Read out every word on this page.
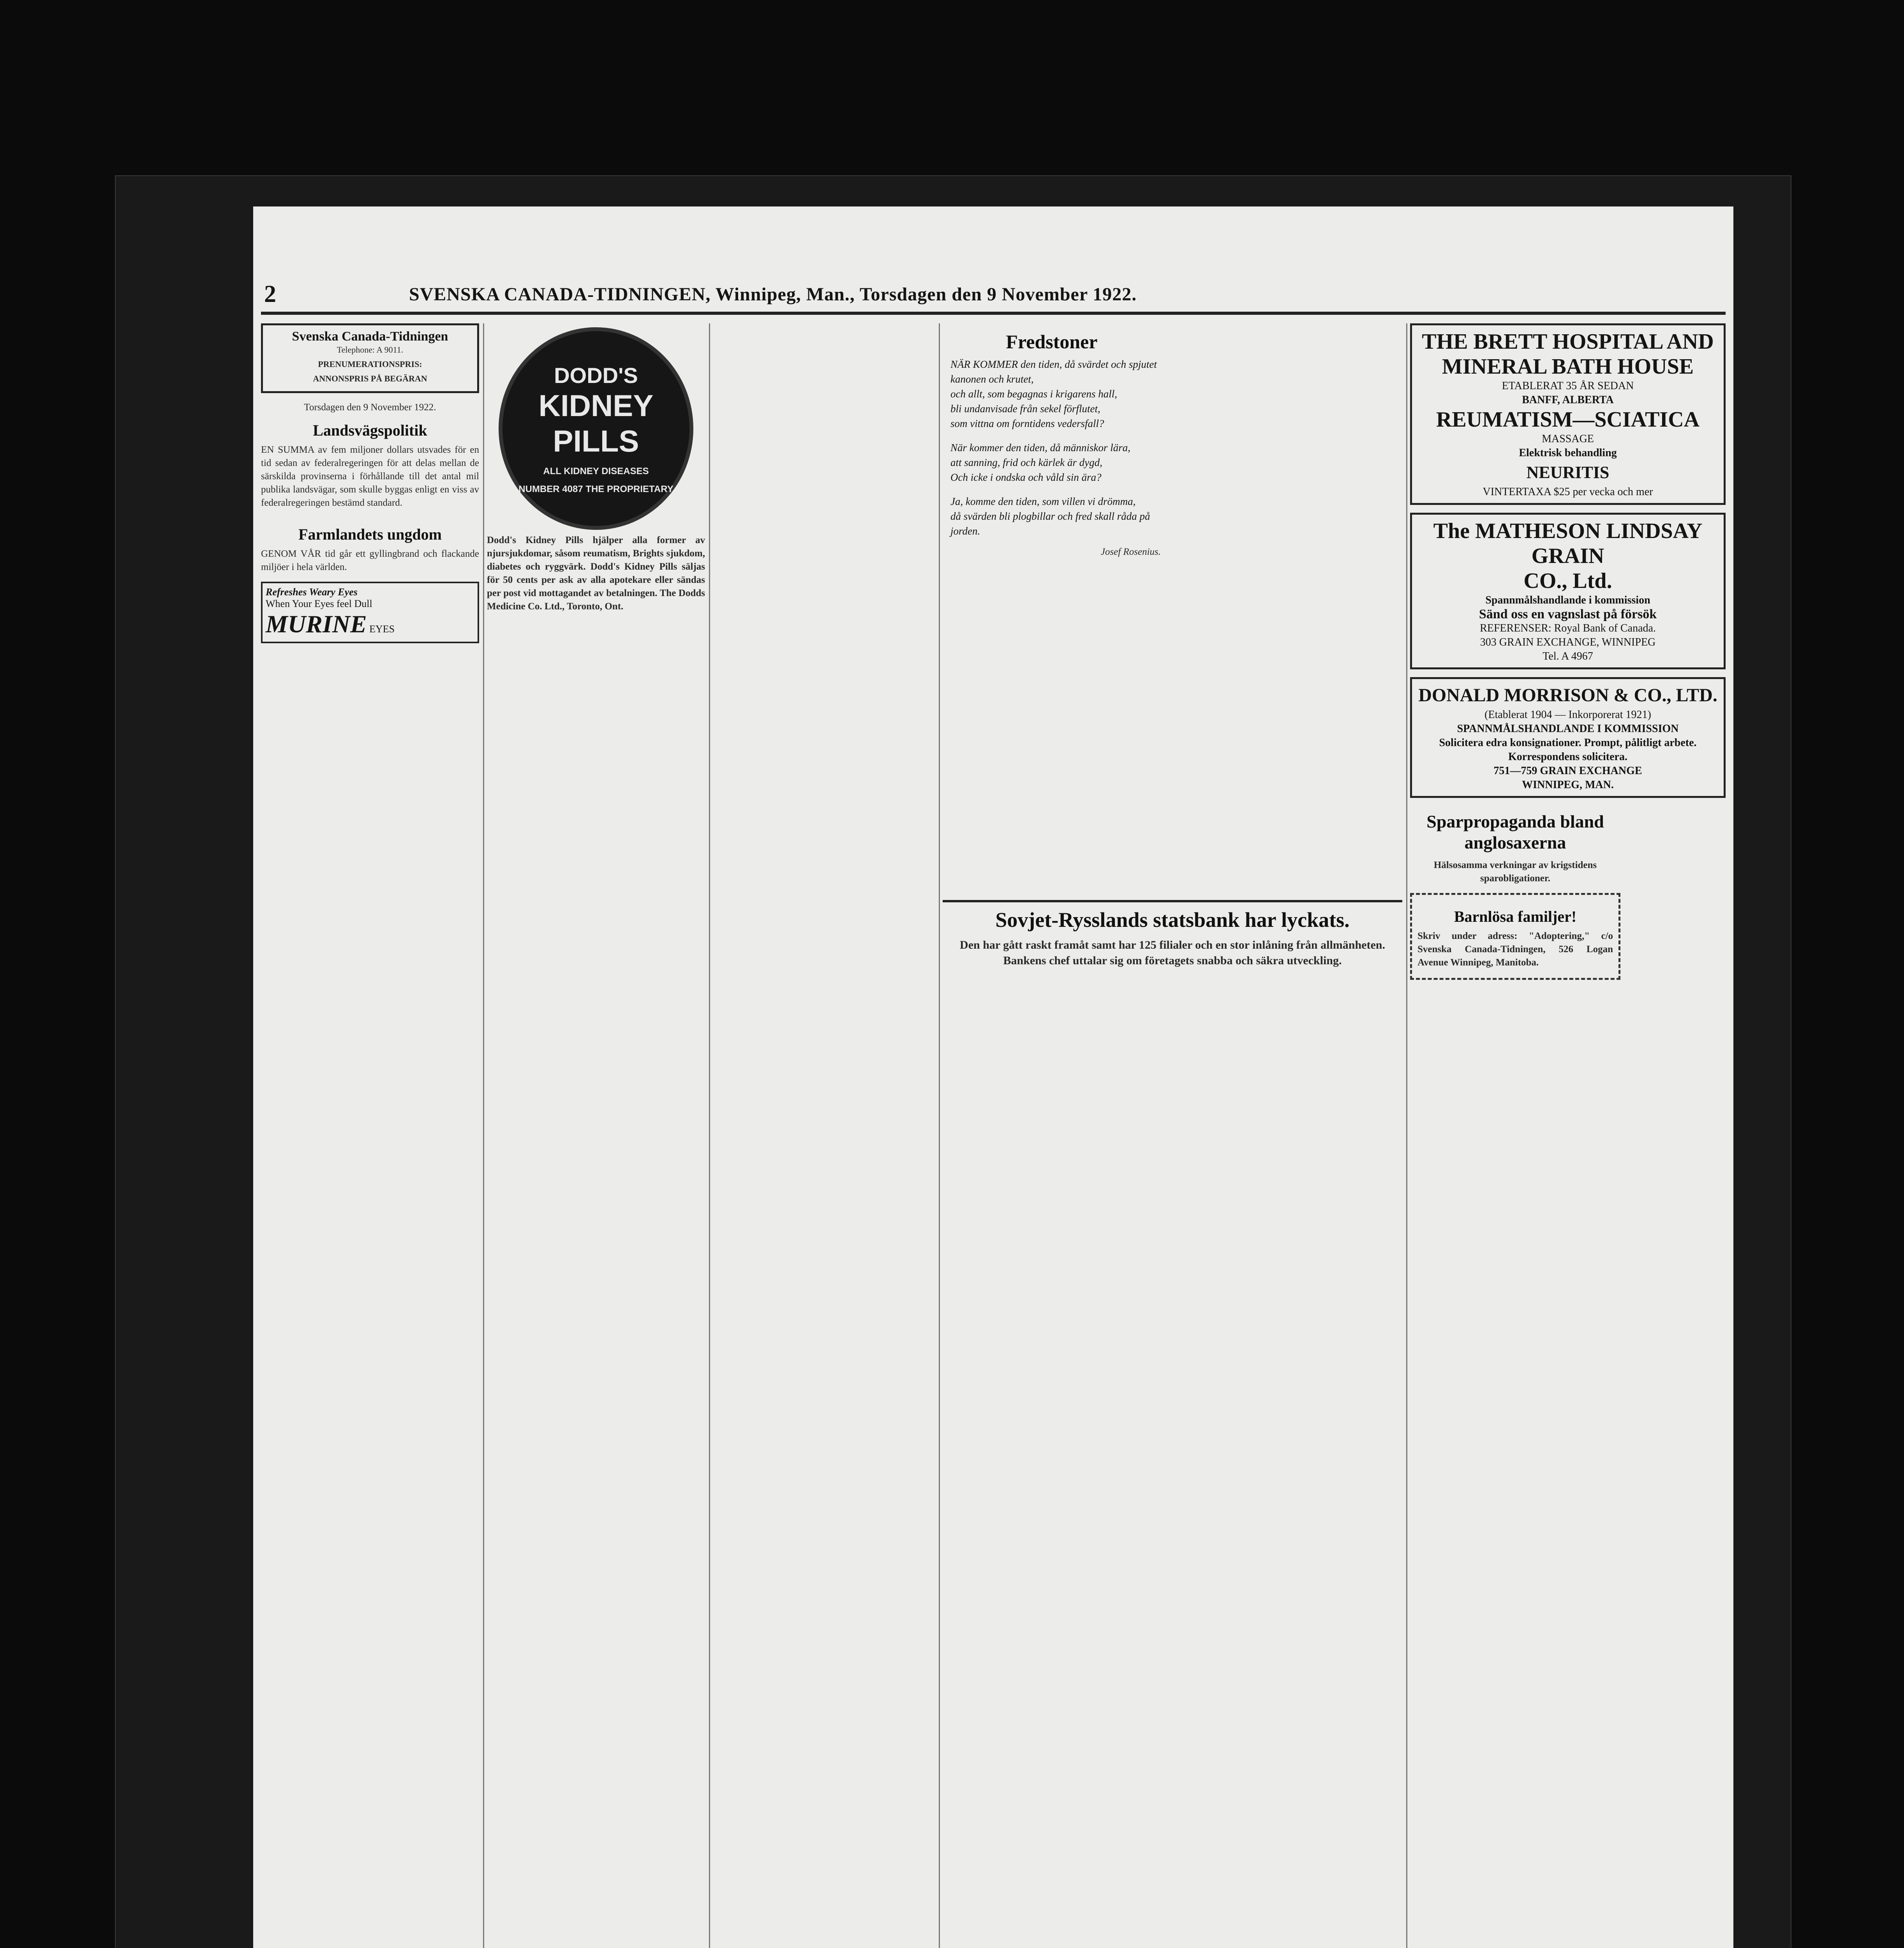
2	SVENSKA CANADA-TIDNINGEN, Winnipeg, Man., Torsdagen den 9 November 1922.
Svenska Canada-Tidningen

Telephone: A 9011.

PRENUMERATIONSPRIS:

ANNONSPRIS PÅ BEGÄRAN

Torsdagen den 9 November 1922.

Landsvägspolitik

EN SUMMA av fem miljoner dollars utsvades för en tid sedan av federalregeringen för att delas mellan de särskilda provinserna i förhållande till det antal mil publika landsvägar, som skulle byggas enligt en viss av federalregeringen bestämd standard.

Farmlandets ungdom

GENOM VÅR tid går ett gyllingbrand och flackande miljöer i hela världen.

Refreshes Weary Eyes
When Your Eyes feel Dull
MURINE EYES
DODD'S
KIDNEY
PILLS
ALL KIDNEY DISEASES
NUMBER 4087 THE PROPRIETARY

Dodd's Kidney Pills hjälper alla former av njursjukdomar, såsom reumatism, Brights sjukdom, diabetes och ryggvärk. Dodd's Kidney Pills säljas för 50 cents per ask av alla apotekare eller sändas per post vid mottagandet av betalningen. The Dodds Medicine Co. Ltd., Toronto, Ont.

Fredstoner
NÄR KOMMER den tiden, då svärdet och spjutet
kanonen och krutet,
och allt, som begagnas i krigarens hall,
bli undanvisade från sekel förflutet,
som vittna om forntidens vedersfall?
När kommer den tiden, då människor lära,
att sanning, frid och kärlek är dygd,
Och icke i ondska och våld sin ära?
Ja, komme den tiden, som villen vi drömma,
då svärden bli plogbillar och fred skall råda på jorden.

Josef Rosenius.

Sovjet-Rysslands statsbank har lyckats.

Den har gått raskt framåt samt har 125 filialer och en stor inlåning från allmänheten. Bankens chef uttalar sig om företagets snabba och säkra utveckling.

THE BRETT HOSPITAL AND
MINERAL BATH HOUSE
ETABLERAT 35 ÅR SEDAN
BANFF, ALBERTA
REUMATISM—SCIATICA
MASSAGE
Elektrisk behandling
NEURITIS
VINTERTAXA $25 per vecka och mer
The MATHESON LINDSAY GRAIN
CO., Ltd.
Spannmålshandlande i kommission
Sänd oss en vagnslast på försök
REFERENSER: Royal Bank of Canada.
303 GRAIN EXCHANGE, WINNIPEG
Tel. A 4967
DONALD MORRISON & CO., LTD.
(Etablerat 1904 — Inkorporerat 1921)
SPANNMÅLSHANDLANDE I KOMMISSION
Solicitera edra konsignationer. Prompt, pålitligt arbete.
Korrespondens solicitera.
751—759 GRAIN EXCHANGE
WINNIPEG, MAN.
Sparpropaganda bland anglosaxerna

Hälsosamma verkningar av krigstidens sparobligationer.

Barnlösa familjer!

Skriv under adress: "Adoptering," c/o Svenska Canada-Tidningen, 526 Logan Avenue Winnipeg, Manitoba.
